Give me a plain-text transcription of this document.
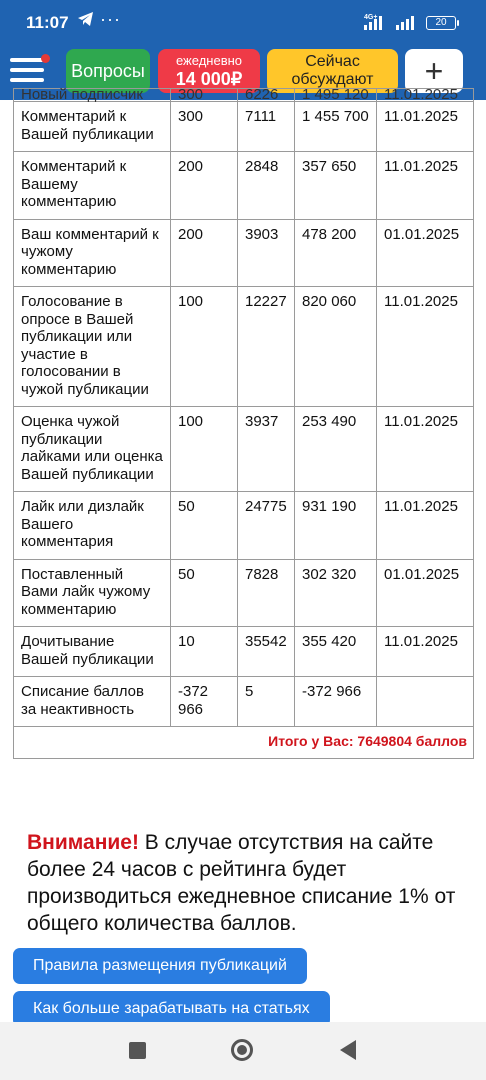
11:07 ···	4G+	20
Вопросы
ежедневно
14 000₽
Сейчас
обсуждают	+
Новый подписчик	300	6226	1 495 120	11.01.2025
Комментарий к Вашей публикации	300	7111	1 455 700	11.01.2025
Комментарий к Вашему комментарию	200	2848	357 650	11.01.2025
Ваш комментарий к чужому комментарию	200	3903	478 200	01.01.2025
Голосование в опросе в Вашей публикации или участие в голосовании в чужой публикации	100	12227	820 060	11.01.2025
Оценка чужой публикации лайками или оценка Вашей публикации	100	3937	253 490	11.01.2025
Лайк или дизлайк Вашего комментария	50	24775	931 190	11.01.2025
Поставленный Вами лайк чужому комментарию	50	7828	302 320	01.01.2025
Дочитывание Вашей публикации	10	35542	355 420	11.01.2025
Списание баллов за неактивность	-372 966	5	-372 966	
Итого у Вас: 7649804 баллов				
Внимание! В случае отсутствия на сайте более 24 часов с рейтинга будет производиться ежедневное списание 1% от общего количества баллов.
Правила размещения публикаций
Как больше зарабатывать на статьях
